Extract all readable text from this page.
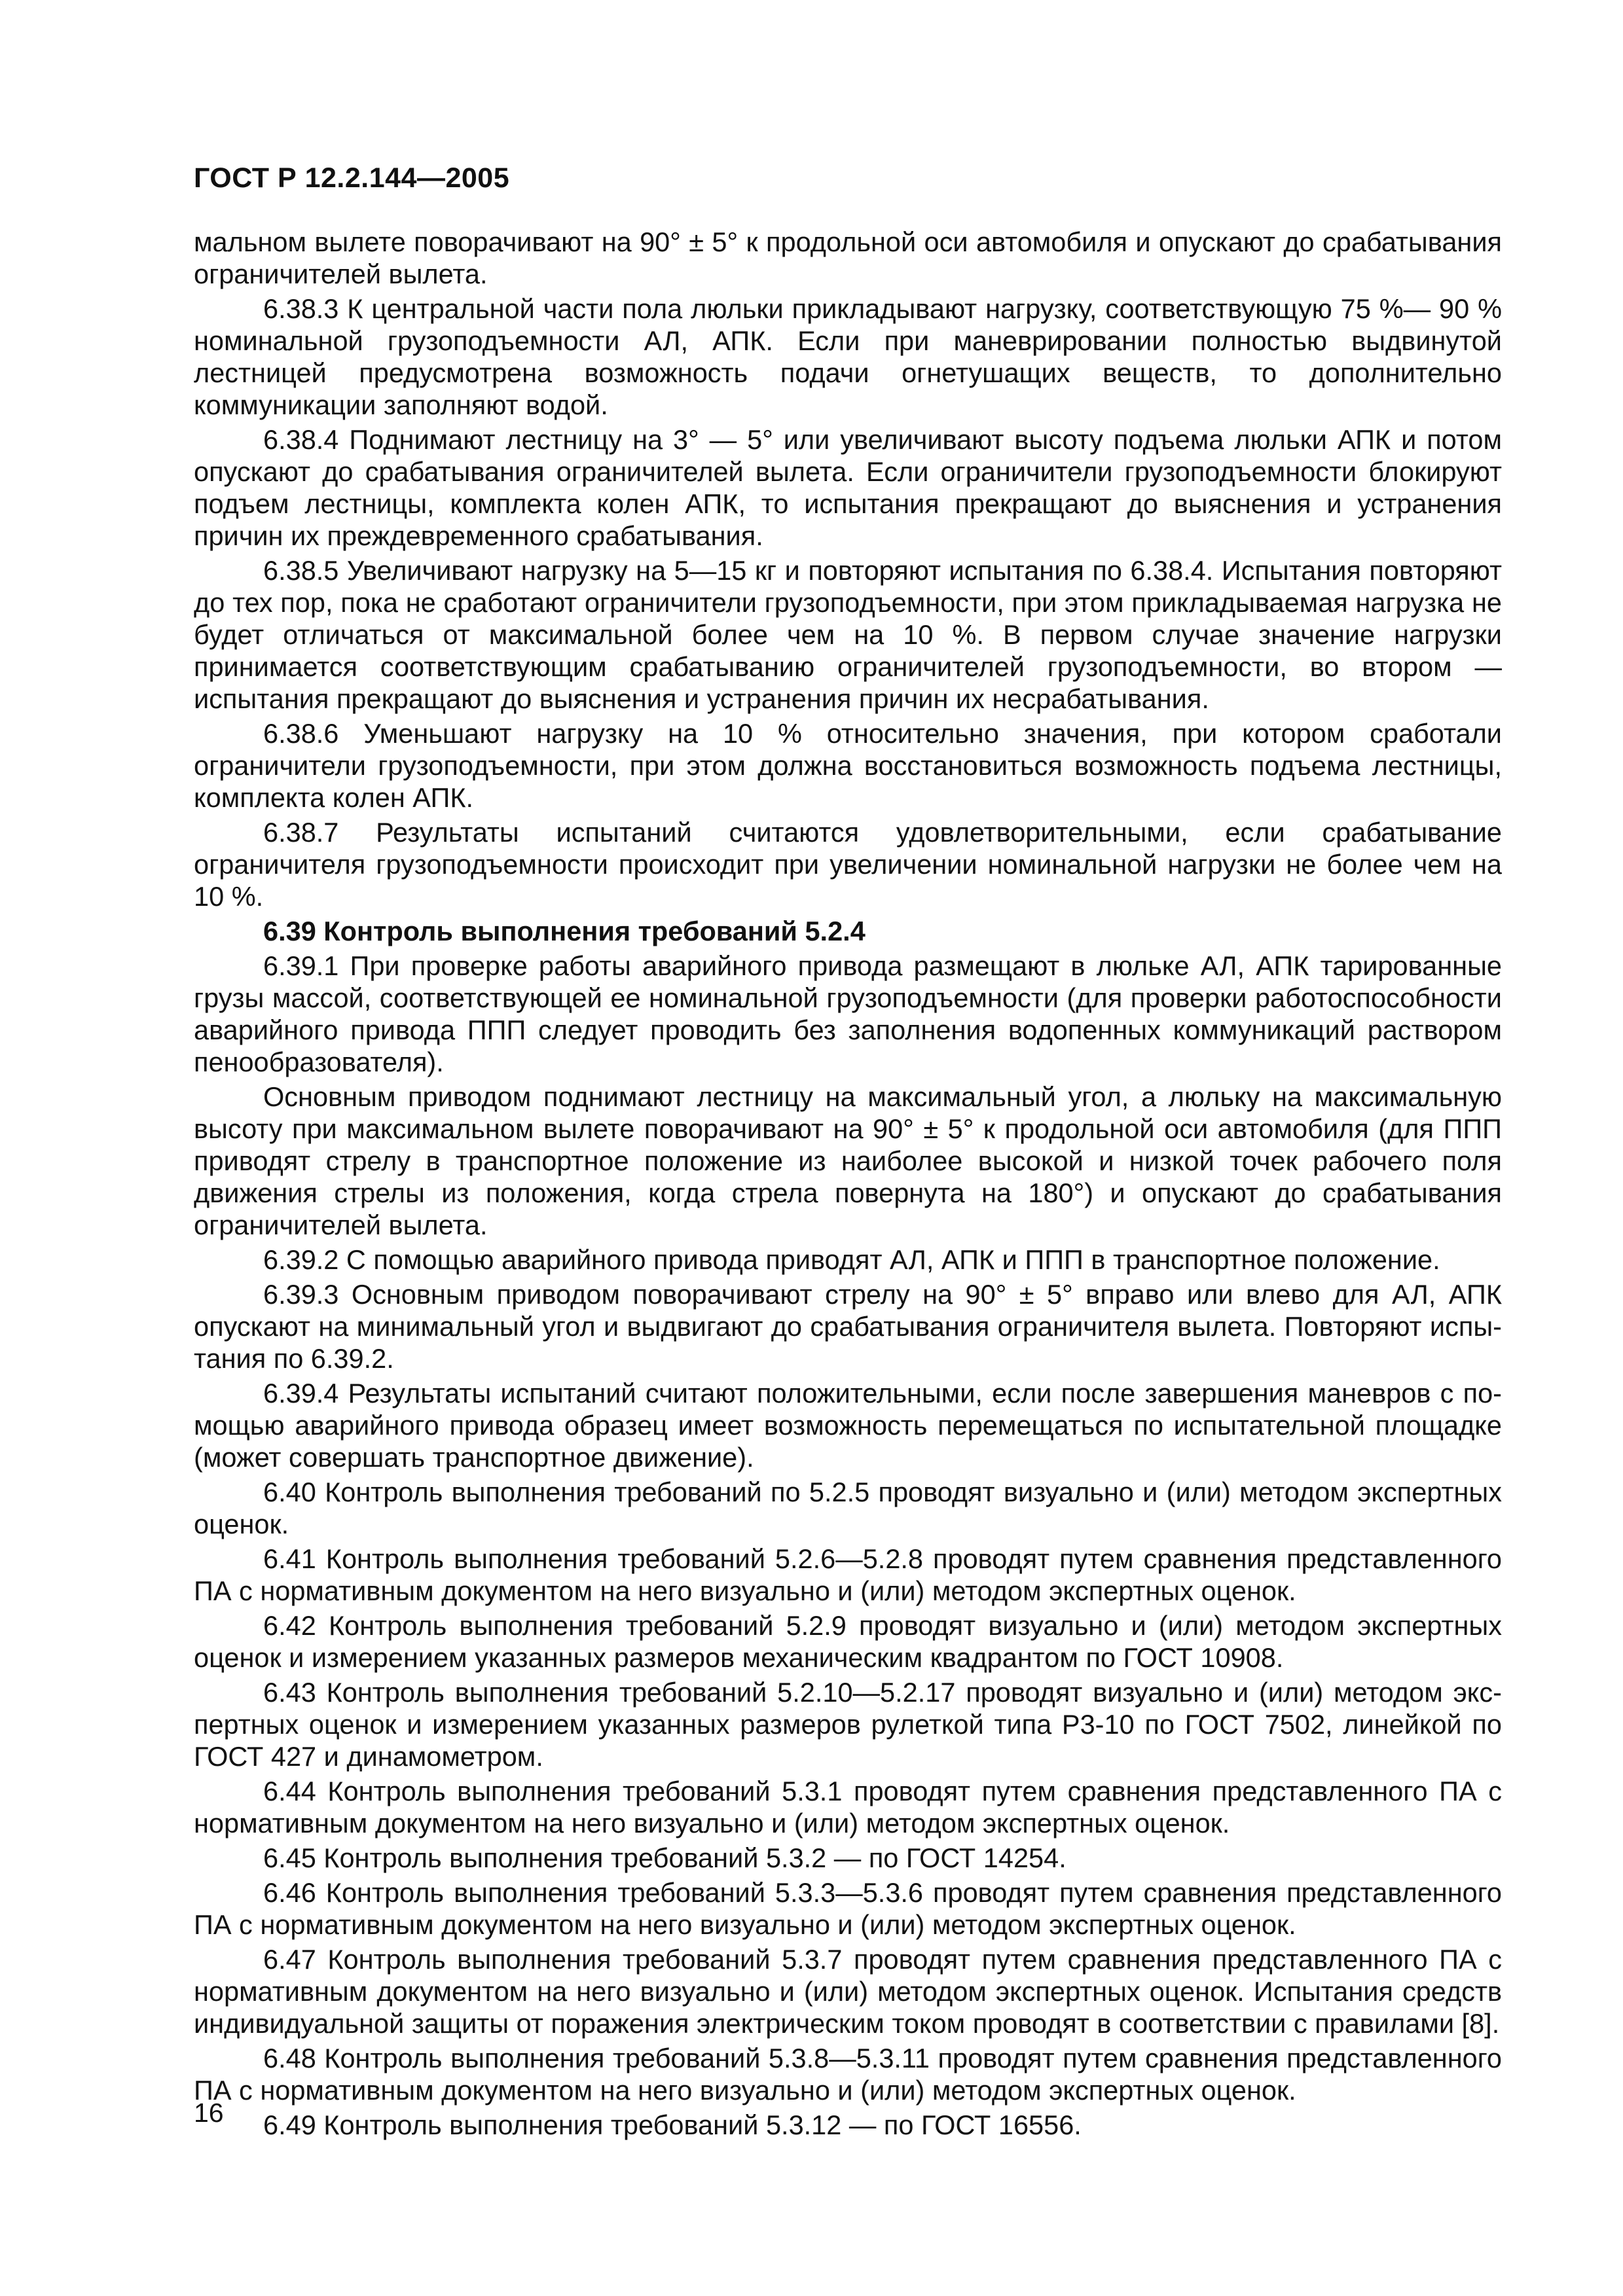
ГОСТ Р 12.2.144—2005

мальном вылете поворачивают на 90° ± 5° к продольной оси автомобиля и опускают до срабатывания ограничителей вылета.

6.38.3 К центральной части пола люльки прикладывают нагрузку, соответствующую 75 %— 90 % номинальной грузоподъемности АЛ, АПК. Если при маневрировании полностью выдвинутой лестницей предусмотрена возможность подачи огнетушащих веществ, то дополнительно коммуникации заполняют водой.

6.38.4 Поднимают лестницу на 3° — 5° или увеличивают высоту подъема люльки АПК и потом опускают до срабатывания ограничителей вылета. Если ограничители грузоподъемности блокируют подъем лестницы, комплекта колен АПК, то испытания прекращают до выяснения и устранения причин их преждевременного срабатывания.

6.38.5 Увеличивают нагрузку на 5—15 кг и повторяют испытания по 6.38.4. Испытания повторяют до тех пор, пока не сработают ограничители грузоподъемности, при этом прикладываемая нагрузка не будет отличаться от максимальной более чем на 10 %. В первом случае значение нагрузки принимается соответствующим срабатыванию ограничителей грузоподъемности, во втором — испытания прекращают до выяснения и устранения причин их несрабатывания.

6.38.6 Уменьшают нагрузку на 10 % относительно значения, при котором сработали ограничители грузоподъемности, при этом должна восстановиться возможность подъема лестницы, комплекта колен АПК.

6.38.7 Результаты испытаний считаются удовлетворительными, если срабатывание ограничителя грузоподъемности происходит при увеличении номинальной нагрузки не более чем на 10 %.

6.39 Контроль выполнения требований 5.2.4

6.39.1 При проверке работы аварийного привода размещают в люльке АЛ, АПК тарированные грузы массой, соответствующей ее номинальной грузоподъемности (для проверки работоспособности аварийного привода ППП следует проводить без заполнения водопенных коммуникаций раствором пенообразователя).

Основным приводом поднимают лестницу на максимальный угол, а люльку на максимальную высоту при максимальном вылете поворачивают на 90° ± 5° к продольной оси автомобиля (для ППП приводят стрелу в транспортное положение из наиболее высокой и низкой точек рабочего поля движения стрелы из положения, когда стрела повернута на 180°) и опускают до срабатывания ограничителей вылета.

6.39.2 С помощью аварийного привода приводят АЛ, АПК и ППП в транспортное положение.

6.39.3 Основным приводом поворачивают стрелу на 90° ± 5° вправо или влево для АЛ, АПК опускают на минимальный угол и выдвигают до срабатывания ограничителя вылета. Повторяют испытания по 6.39.2.

6.39.4 Результаты испытаний считают положительными, если после завершения маневров с помощью аварийного привода образец имеет возможность перемещаться по испытательной площадке (может совершать транспортное движение).

6.40 Контроль выполнения требований по 5.2.5 проводят визуально и (или) методом экспертных оценок.

6.41 Контроль выполнения требований 5.2.6—5.2.8 проводят путем сравнения представленного ПА с нормативным документом на него визуально и (или) методом экспертных оценок.

6.42 Контроль выполнения требований 5.2.9 проводят визуально и (или) методом экспертных оценок и измерением указанных размеров механическим квадрантом по ГОСТ 10908.

6.43 Контроль выполнения требований 5.2.10—5.2.17 проводят визуально и (или) методом экспертных оценок и измерением указанных размеров рулеткой типа Р3-10 по ГОСТ 7502, линейкой по ГОСТ 427 и динамометром.

6.44 Контроль выполнения требований 5.3.1 проводят путем сравнения представленного ПА с нормативным документом на него визуально и (или) методом экспертных оценок.

6.45 Контроль выполнения требований 5.3.2 — по ГОСТ 14254.

6.46 Контроль выполнения требований 5.3.3—5.3.6 проводят путем сравнения представленного ПА с нормативным документом на него визуально и (или) методом экспертных оценок.

6.47 Контроль выполнения требований 5.3.7 проводят путем сравнения представленного ПА с нормативным документом на него визуально и (или) методом экспертных оценок. Испытания средств индивидуальной защиты от поражения электрическим током проводят в соответствии с правилами [8].

6.48 Контроль выполнения требований 5.3.8—5.3.11 проводят путем сравнения представленного ПА с нормативным документом на него визуально и (или) методом экспертных оценок.

6.49 Контроль выполнения требований 5.3.12 — по ГОСТ 16556.

16
